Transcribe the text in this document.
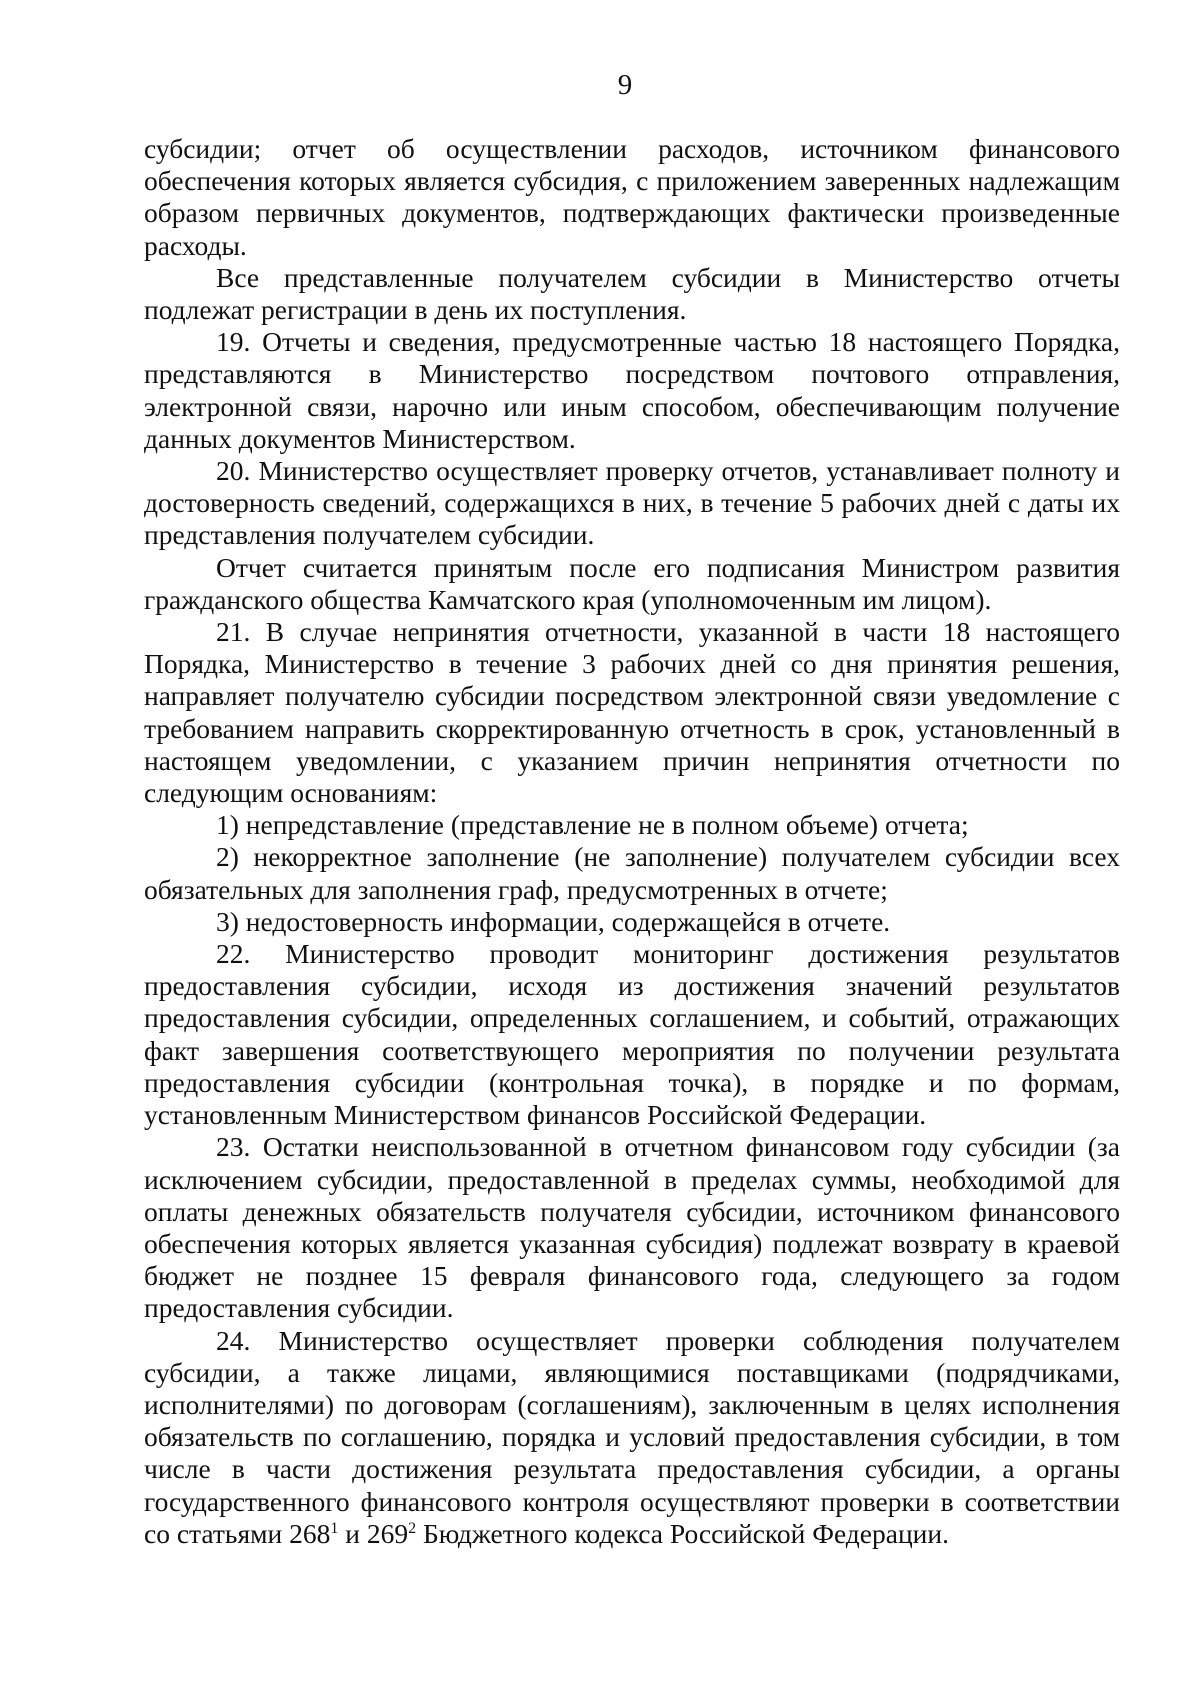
9

субсидии; отчет об осуществлении расходов, источником финансового обеспечения которых является субсидия, с приложением заверенных надлежащим образом первичных документов, подтверждающих фактически произведенные расходы.

Все представленные получателем субсидии в Министерство отчеты подлежат регистрации в день их поступления.

19. Отчеты и сведения, предусмотренные частью 18 настоящего Порядка, представляются в Министерство посредством почтового отправления, электронной связи, нарочно или иным способом, обеспечивающим получение данных документов Министерством.

20. Министерство осуществляет проверку отчетов, устанавливает полноту и достоверность сведений, содержащихся в них, в течение 5 рабочих дней с даты их представления получателем субсидии.

Отчет считается принятым после его подписания Министром развития гражданского общества Камчатского края (уполномоченным им лицом).

21. В случае непринятия отчетности, указанной в части 18 настоящего Порядка, Министерство в течение 3 рабочих дней со дня принятия решения, направляет получателю субсидии посредством электронной связи уведомление с требованием направить скорректированную отчетность в срок, установленный в настоящем уведомлении, с указанием причин непринятия отчетности по следующим основаниям:

1) непредставление (представление не в полном объеме) отчета;

2) некорректное заполнение (не заполнение) получателем субсидии всех обязательных для заполнения граф, предусмотренных в отчете;

3) недостоверность информации, содержащейся в отчете.

22. Министерство проводит мониторинг достижения результатов предоставления субсидии, исходя из достижения значений результатов предоставления субсидии, определенных соглашением, и событий, отражающих факт завершения соответствующего мероприятия по получении результата предоставления субсидии (контрольная точка), в порядке и по формам, установленным Министерством финансов Российской Федерации.

23. Остатки неиспользованной в отчетном финансовом году субсидии (за исключением субсидии, предоставленной в пределах суммы, необходимой для оплаты денежных обязательств получателя субсидии, источником финансового обеспечения которых является указанная субсидия) подлежат возврату в краевой бюджет не позднее 15 февраля финансового года, следующего за годом предоставления субсидии.

24. Министерство осуществляет проверки соблюдения получателем субсидии, а также лицами, являющимися поставщиками (подрядчиками, исполнителями) по договорам (соглашениям), заключенным в целях исполнения обязательств по соглашению, порядка и условий предоставления субсидии, в том числе в части достижения результата предоставления субсидии, а органы государственного финансового контроля осуществляют проверки в соответствии со статьями $268^1$ и $269^2$ Бюджетного кодекса Российской Федерации.
